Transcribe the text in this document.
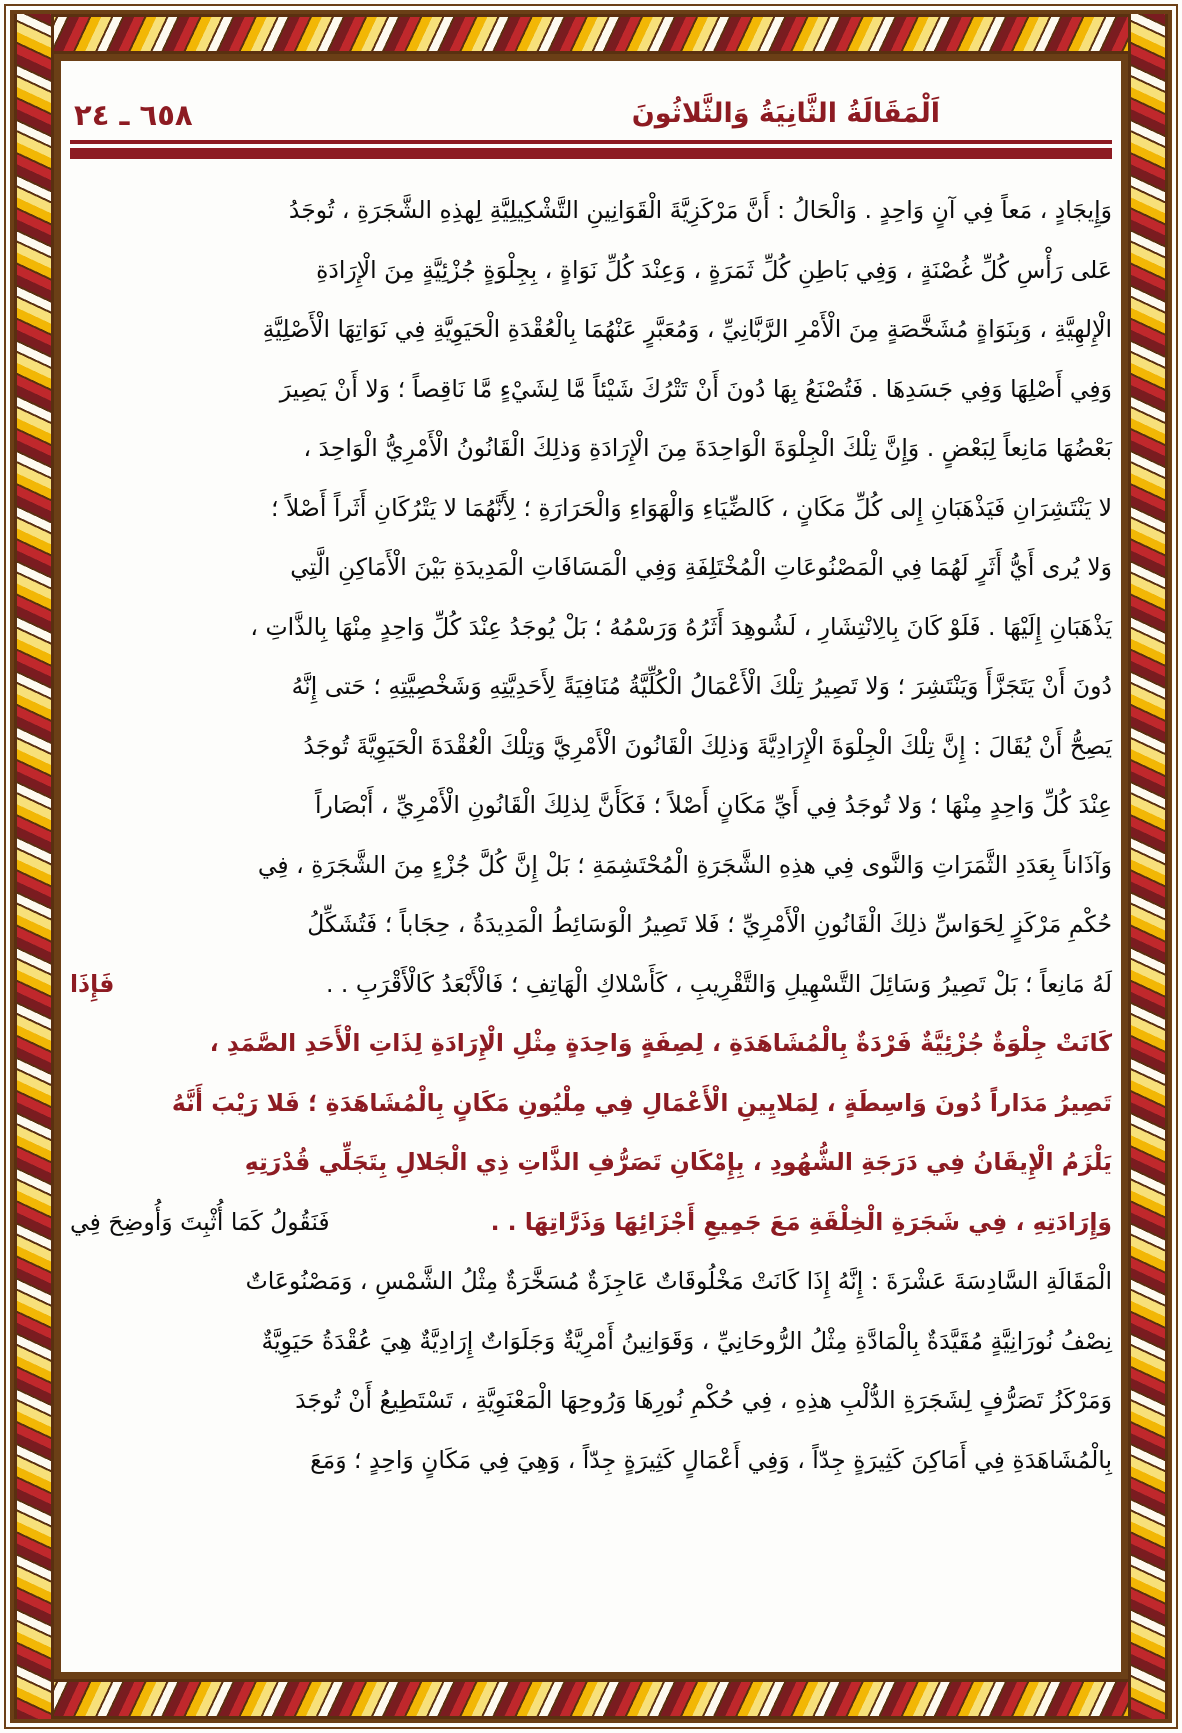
اَلْمَقَالَةُ الثَّانِيَةُ وَالثَّلاثُونَ
٦٥٨ ـ ٢٤
وَإِيجَادٍ ، مَعاً فِي آنٍ وَاحِدٍ . وَالْحَالُ : أَنَّ مَرْكَزِيَّةَ الْقَوَانِينِ التَّشْكِيلِيَّةِ لِهذِهِ الشَّجَرَةِ ، تُوجَدُ
عَلى رَأْسِ كُلِّ غُصْنَةٍ ، وَفِي بَاطِنِ كُلِّ ثَمَرَةٍ ، وَعِنْدَ كُلِّ نَوَاةٍ ، بِجِلْوَةٍ جُزْئِيَّةٍ مِنَ الْإِرَادَةِ
الْإِلهِيَّةِ ، وَبِنَوَاةٍ مُشَخَّصَةٍ مِنَ الْأَمْرِ الرَّبَّانِيِّ ، وَمُعَبَّرٍ عَنْهُمَا بِالْعُقْدَةِ الْحَيَوِيَّةِ فِي نَوَاتِهَا الْأَصْلِيَّةِ
وَفِي أَصْلِهَا وَفِي جَسَدِهَا . فَتُصْنَعُ بِهَا دُونَ أَنْ تَتْرُكَ شَيْئاً مَّا لِشَيْءٍ مَّا نَاقِصاً ؛ وَلا أَنْ يَصِيرَ
بَعْضُهَا مَانِعاً لِبَعْضٍ . وَإِنَّ تِلْكَ الْجِلْوَةَ الْوَاحِدَةَ مِنَ الْإِرَادَةِ وَذلِكَ الْقَانُونُ الْأَمْرِيُّ الْوَاحِدَ ،
لا يَنْتَشِرَانِ فَيَذْهَبَانِ إِلى كُلِّ مَكَانٍ ، كَالضِّيَاءِ وَالْهَوَاءِ وَالْحَرَارَةِ ؛ لِأَنَّهُمَا لا يَتْرُكَانِ أَثَراً أَصْلاً ؛
وَلا يُرى أَيُّ أَثَرٍ لَهُمَا فِي الْمَصْنُوعَاتِ الْمُخْتَلِفَةِ وَفِي الْمَسَافَاتِ الْمَدِيدَةِ بَيْنَ الْأَمَاكِنِ الَّتِي
يَذْهَبَانِ إِلَيْهَا . فَلَوْ كَانَ بِالِانْتِشَارِ ، لَشُوهِدَ أَثَرُهُ وَرَسْمُهُ ؛ بَلْ يُوجَدُ عِنْدَ كُلِّ وَاحِدٍ مِنْهَا بِالذَّاتِ ،
دُونَ أَنْ يَتَجَزَّأَ وَيَنْتَشِرَ ؛ وَلا تَصِيرُ تِلْكَ الْأَعْمَالُ الْكُلِّيَّةُ مُنَافِيَةً لِأَحَدِيَّتِهِ وَشَخْصِيَّتِهِ ؛ حَتى إِنَّهُ
يَصِحُّ أَنْ يُقَالَ : إِنَّ تِلْكَ الْجِلْوَةَ الْإِرَادِيَّةَ وَذلِكَ الْقَانُونَ الْأَمْرِيَّ وَتِلْكَ الْعُقْدَةَ الْحَيَوِيَّةَ تُوجَدُ
عِنْدَ كُلِّ وَاحِدٍ مِنْهَا ؛ وَلا تُوجَدُ فِي أَيِّ مَكَانٍ أَصْلاً ؛ فَكَأَنَّ لِذلِكَ الْقَانُونِ الْأَمْرِيِّ ، أَبْصَاراً
وَآذَاناً بِعَدَدِ الثَّمَرَاتِ وَالنَّوى فِي هذِهِ الشَّجَرَةِ الْمُحْتَشِمَةِ ؛ بَلْ إِنَّ كُلَّ جُزْءٍ مِنَ الشَّجَرَةِ ، فِي
حُكْمِ مَرْكَزٍ لِحَوَاسِّ ذلِكَ الْقَانُونِ الْأَمْرِيِّ ؛ فَلا تَصِيرُ الْوَسَائِطُ الْمَدِيدَةُ ، حِجَاباً ؛ فَتُشَكِّلُ
لَهُ مَانِعاً ؛ بَلْ تَصِيرُ وَسَائِلَ التَّسْهِيلِ وَالتَّقْرِيبِ ، كَأَسْلاكِ الْهَاتِفِ ؛ فَالْأَبْعَدُ كَالْأَقْرَبِ . .
فَإِذَا
كَانَتْ جِلْوَةٌ جُزْئِيَّةٌ فَرْدَةٌ بِالْمُشَاهَدَةِ ، لِصِفَةٍ وَاحِدَةٍ مِثْلِ الْإِرَادَةِ لِذَاتِ الْأَحَدِ الصَّمَدِ ،
تَصِيرُ مَدَاراً دُونَ وَاسِطَةٍ ، لِمَلايِينِ الْأَعْمَالِ فِي مِلْيُونِ مَكَانٍ بِالْمُشَاهَدَةِ ؛ فَلا رَيْبَ أَنَّهُ
يَلْزَمُ الْإِيقَانُ فِي دَرَجَةِ الشُّهُودِ ، بِإِمْكَانِ تَصَرُّفِ الذَّاتِ ذِي الْجَلالِ بِتَجَلِّي قُدْرَتِهِ
وَإِرَادَتِهِ ، فِي شَجَرَةِ الْخِلْقَةِ مَعَ جَمِيعِ أَجْزَائِهَا وَذَرَّاتِهَا . .
فَنَقُولُ كَمَا أُثْبِتَ وَأُوضِحَ فِي
الْمَقَالَةِ السَّادِسَةَ عَشْرَةَ : إِنَّهُ إِذَا كَانَتْ مَخْلُوقَاتٌ عَاجِزَةٌ مُسَخَّرَةٌ مِثْلُ الشَّمْسِ ، وَمَصْنُوعَاتٌ
نِصْفُ نُورَانِيَّةٍ مُقَيَّدَةٌ بِالْمَادَّةِ مِثْلُ الرُّوحَانِيِّ ، وَقَوَانِينُ أَمْرِيَّةٌ وَجَلَوَاتٌ إِرَادِيَّةٌ هِيَ عُقْدَةُ حَيَوِيَّةٌ
وَمَرْكَزُ تَصَرُّفٍ لِشَجَرَةِ الدُّلْبِ هذِهِ ، فِي حُكْمِ نُورِهَا وَرُوحِهَا الْمَعْنَوِيَّةِ ، تَسْتَطِيعُ أَنْ تُوجَدَ
بِالْمُشَاهَدَةِ فِي أَمَاكِنَ كَثِيرَةٍ جِدّاً ، وَفِي أَعْمَالٍ كَثِيرَةٍ جِدّاً ، وَهِيَ فِي مَكَانٍ وَاحِدٍ ؛ وَمَعَ
